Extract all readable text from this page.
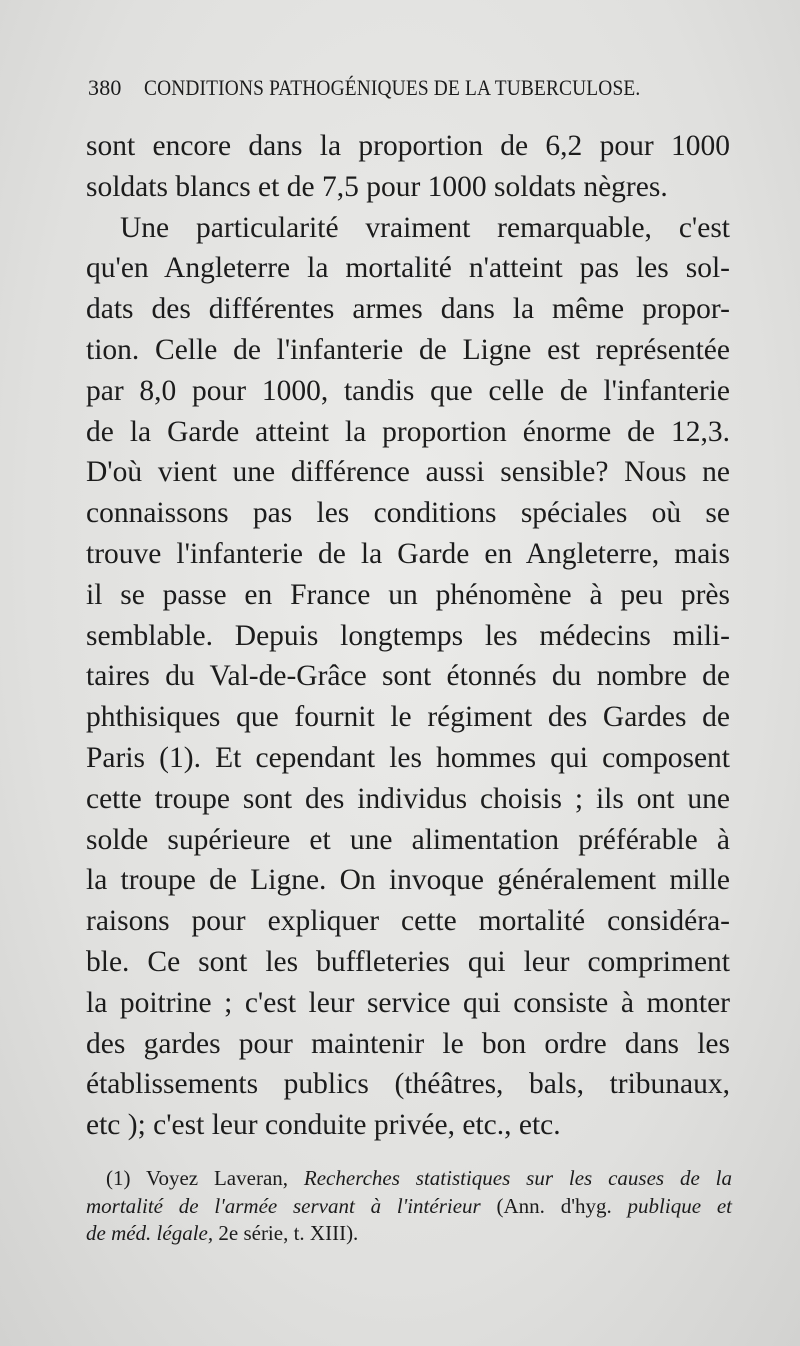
380 CONDITIONS PATHOGÉNIQUES DE LA TUBERCULOSE.
sont encore dans la proportion de 6,2 pour 1000
soldats blancs et de 7,5 pour 1000 soldats nègres.
Une particularité vraiment remarquable, c'est
qu'en Angleterre la mortalité n'atteint pas les sol-
dats des différentes armes dans la même propor-
tion. Celle de l'infanterie de Ligne est représentée
par 8,0 pour 1000, tandis que celle de l'infanterie
de la Garde atteint la proportion énorme de 12,3.
D'où vient une différence aussi sensible? Nous ne
connaissons pas les conditions spéciales où se
trouve l'infanterie de la Garde en Angleterre, mais
il se passe en France un phénomène à peu près
semblable. Depuis longtemps les médecins mili-
taires du Val-de-Grâce sont étonnés du nombre de
phthisiques que fournit le régiment des Gardes de
Paris (1). Et cependant les hommes qui composent
cette troupe sont des individus choisis ; ils ont une
solde supérieure et une alimentation préférable à
la troupe de Ligne. On invoque généralement mille
raisons pour expliquer cette mortalité considéra-
ble. Ce sont les buffleteries qui leur compriment
la poitrine ; c'est leur service qui consiste à monter
des gardes pour maintenir le bon ordre dans les
établissements publics (théâtres, bals, tribunaux,
etc ); c'est leur conduite privée, etc., etc.
(1) Voyez Laveran, Recherches statistiques sur les causes de la
mortalité de l'armée servant à l'intérieur (Ann. d'hyg. publique et
de méd. légale, 2e série, t. XIII).
